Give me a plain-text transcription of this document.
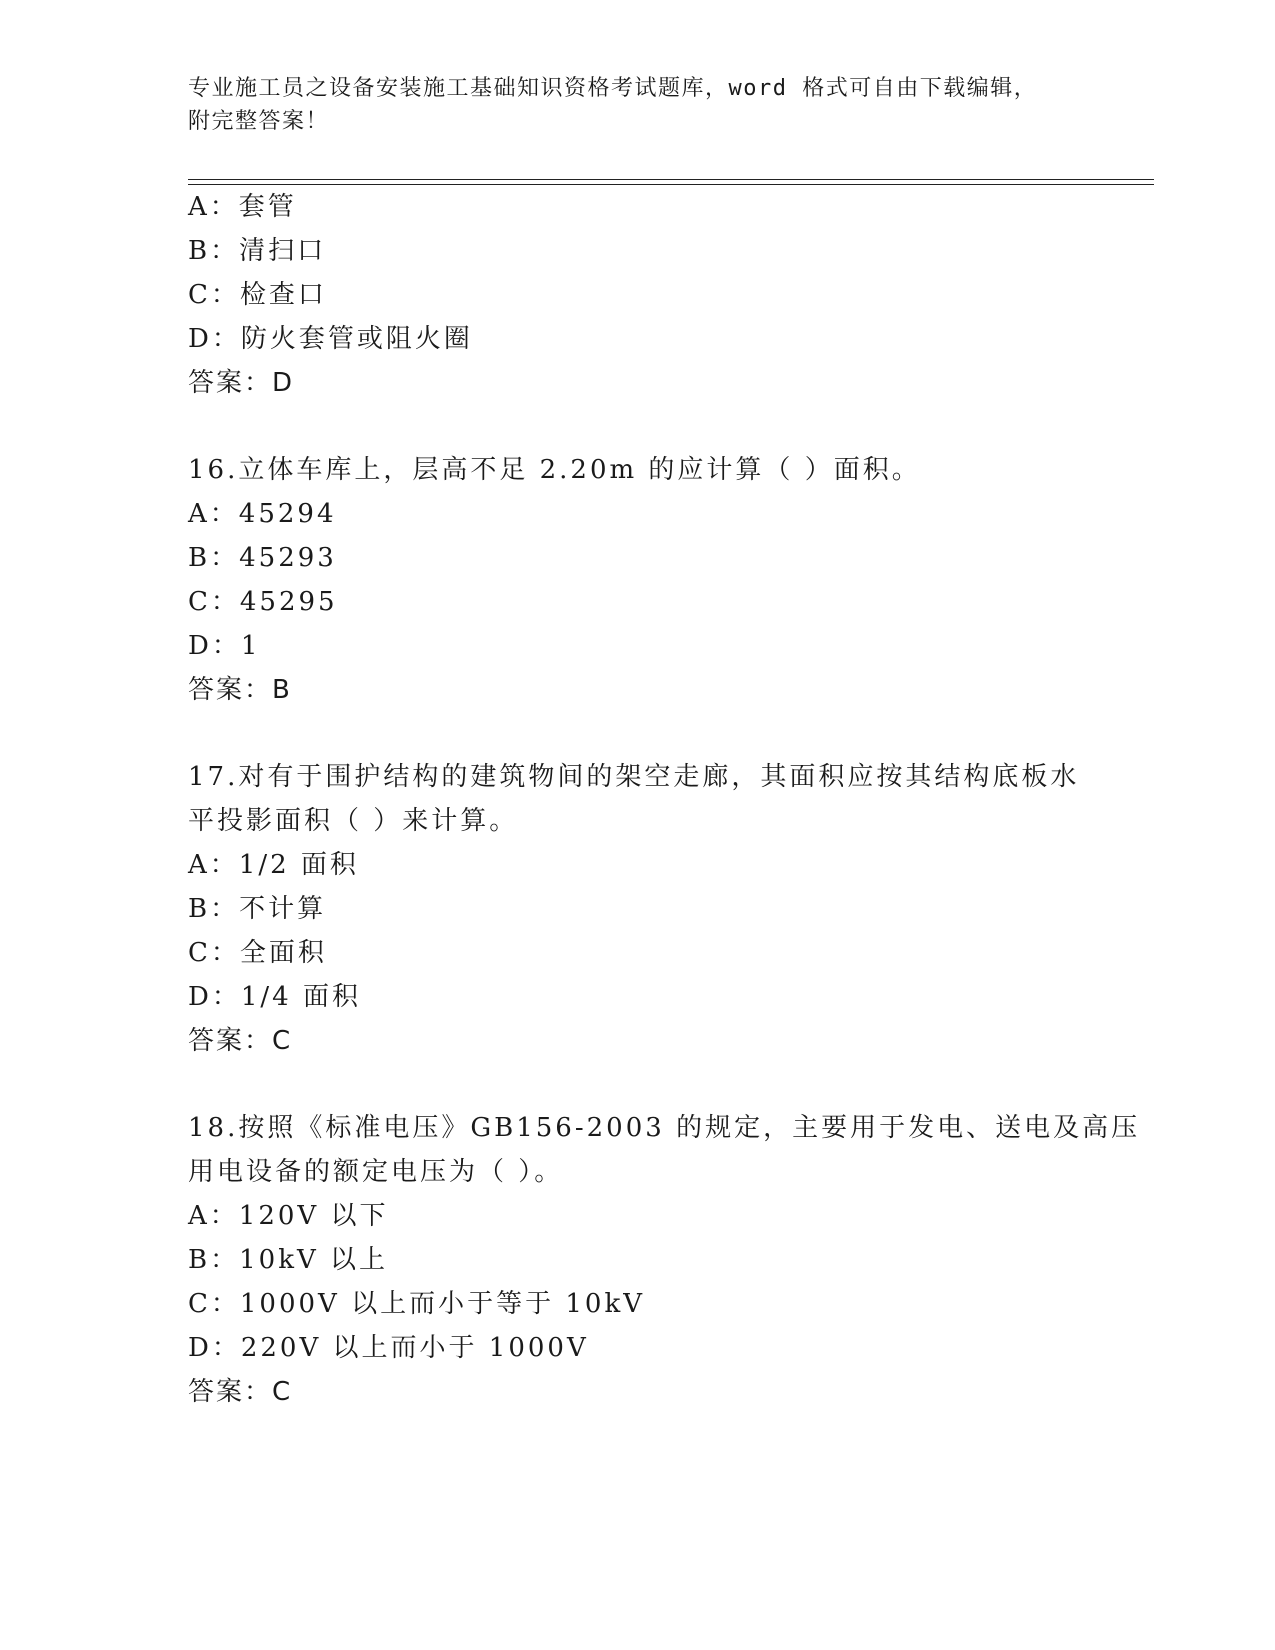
专业施工员之设备安装施工基础知识资格考试题库，word 格式可自由下载编辑，
附完整答案！
A：套管
B：清扫口
C：检查口
D：防火套管或阻火圈
答案：D
16.立体车库上，层高不足 2.20m 的应计算（ ）面积。
A：45294
B：45293
C：45295
D：1
答案：B
17.对有于围护结构的建筑物间的架空走廊，其面积应按其结构底板水
平投影面积（ ）来计算。
A：1/2 面积
B：不计算
C：全面积
D：1/4 面积
答案：C
18.按照《标准电压》GB156-2003 的规定，主要用于发电、送电及高压
用电设备的额定电压为（ ）。
A：120V 以下
B：10kV 以上
C：1000V 以上而小于等于 10kV
D：220V 以上而小于 1000V
答案：C
